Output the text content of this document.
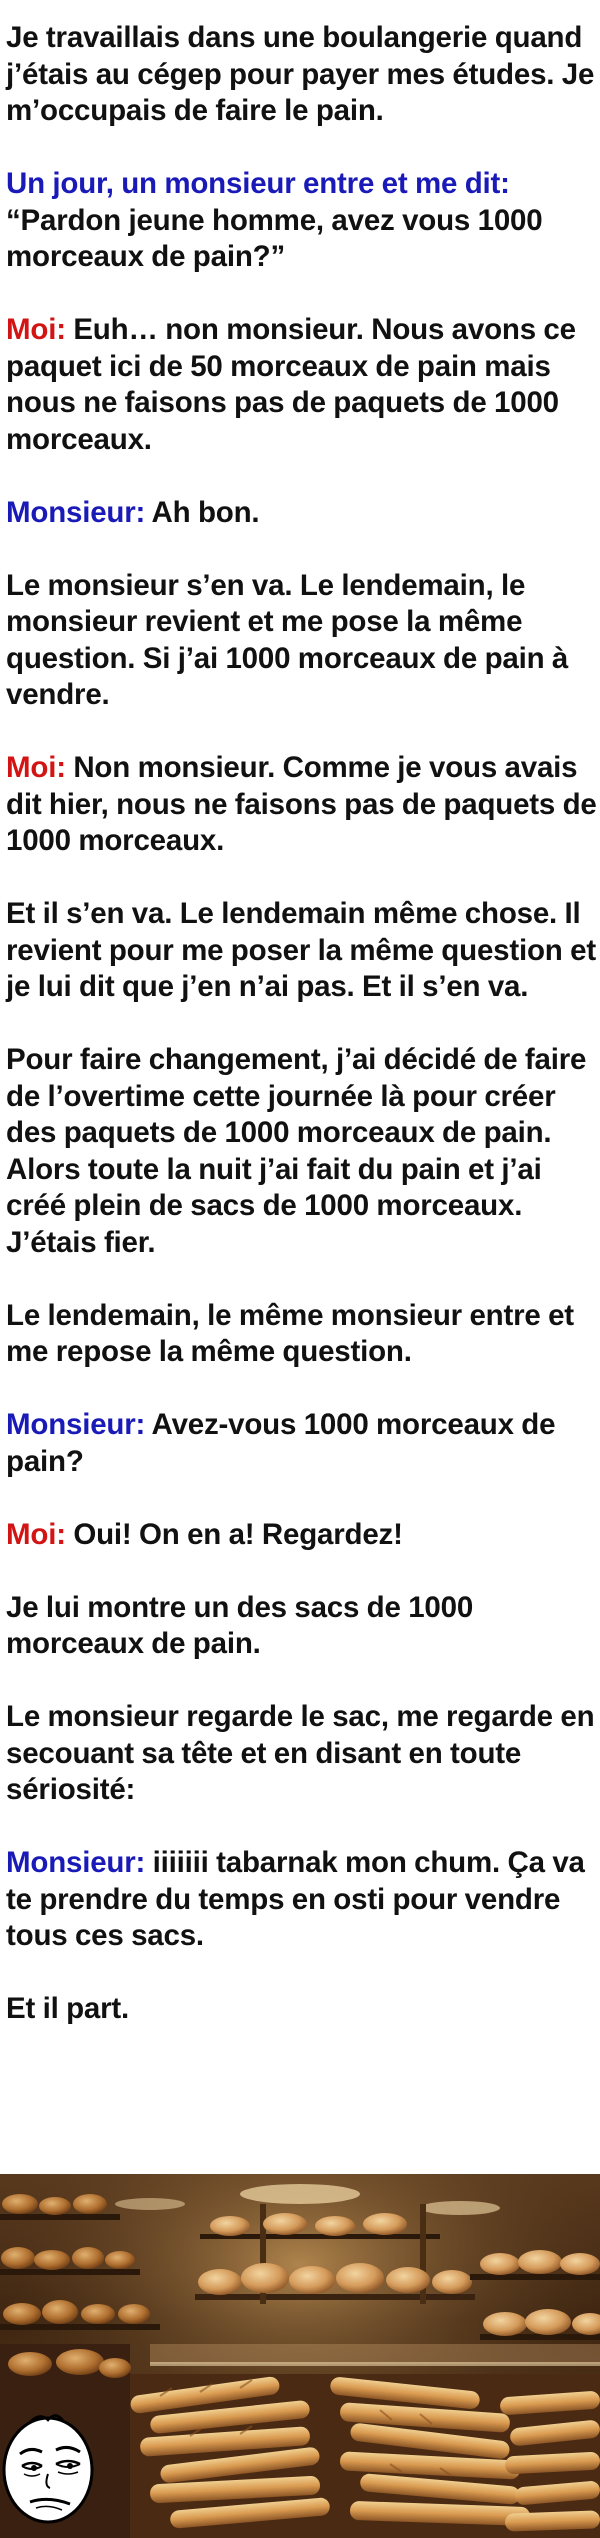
Je travaillais dans une boulangerie quand j’étais au cégep pour payer mes études. Je m’occupais de faire le pain.

Un jour, un monsieur entre et me dit: “Pardon jeune homme, avez vous 1000 morceaux de pain?”

Moi: Euh… non monsieur. Nous avons ce paquet ici de 50 morceaux de pain mais nous ne faisons pas de paquets de 1000 morceaux.

Monsieur: Ah bon.

Le monsieur s’en va. Le lendemain, le monsieur revient et me pose la même question. Si j’ai 1000 morceaux de pain à vendre.

Moi: Non monsieur. Comme je vous avais dit hier, nous ne faisons pas de paquets de 1000 morceaux.

Et il s’en va. Le lendemain même chose. Il revient pour me poser la même question et je lui dit que j’en n’ai pas. Et il s’en va.

Pour faire changement, j’ai décidé de faire de l’overtime cette journée là pour créer des paquets de 1000 morceaux de pain. Alors toute la nuit j’ai fait du pain et j’ai créé plein de sacs de 1000 morceaux. J’étais fier.

Le lendemain, le même monsieur entre et me repose la même question.

Monsieur: Avez-vous 1000 morceaux de pain?

Moi: Oui! On en a! Regardez!

Je lui montre un des sacs de 1000 morceaux de pain.

Le monsieur regarde le sac, me regarde en secouant sa tête et en disant en toute sériosité:

Monsieur: iiiiiii tabarnak mon chum. Ça va te prendre du temps en osti pour vendre tous ces sacs.

Et il part.
